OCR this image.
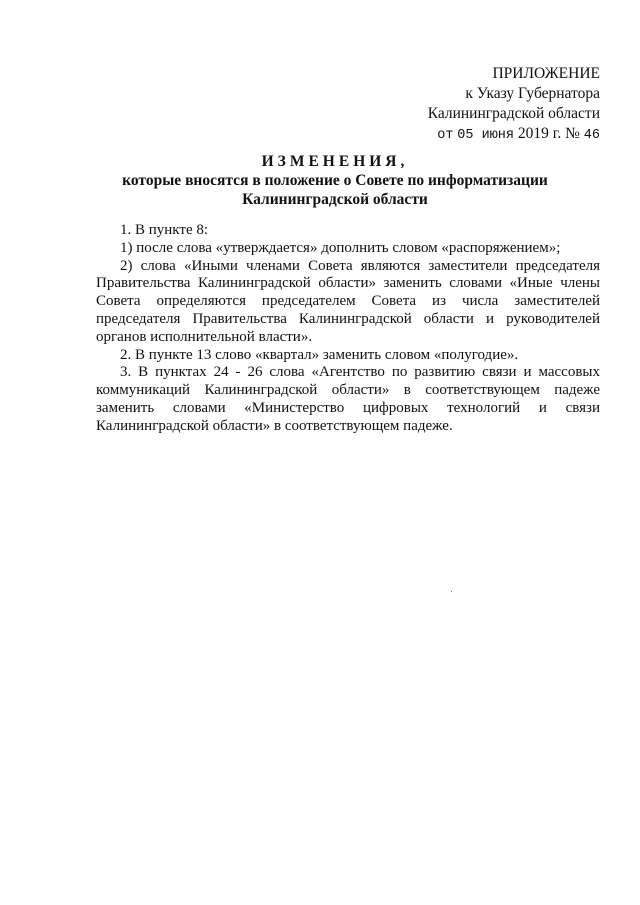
ПРИЛОЖЕНИЕ
к Указу Губернатора
Калининградской области
от 05 июня 2019 г. № 46
ИЗМЕНЕНИЯ,
которые вносятся в положение о Совете по информатизации
Калининградской области

1. В пункте 8:

1) после слова «утверждается» дополнить словом «распоряжением»;

2) слова «Иными членами Совета являются заместители председателя Правительства Калининградской области» заменить словами «Иные члены Совета определяются председателем Совета из числа заместителей председателя Правительства Калининградской области и руководителей органов исполнительной власти».

2. В пункте 13 слово «квартал» заменить словом «полугодие».

3. В пунктах 24 - 26 слова «Агентство по развитию связи и массовых коммуникаций Калининградской области» в соответствующем падеже заменить словами «Министерство цифровых технологий и связи Калининградской области» в соответствующем падеже.
